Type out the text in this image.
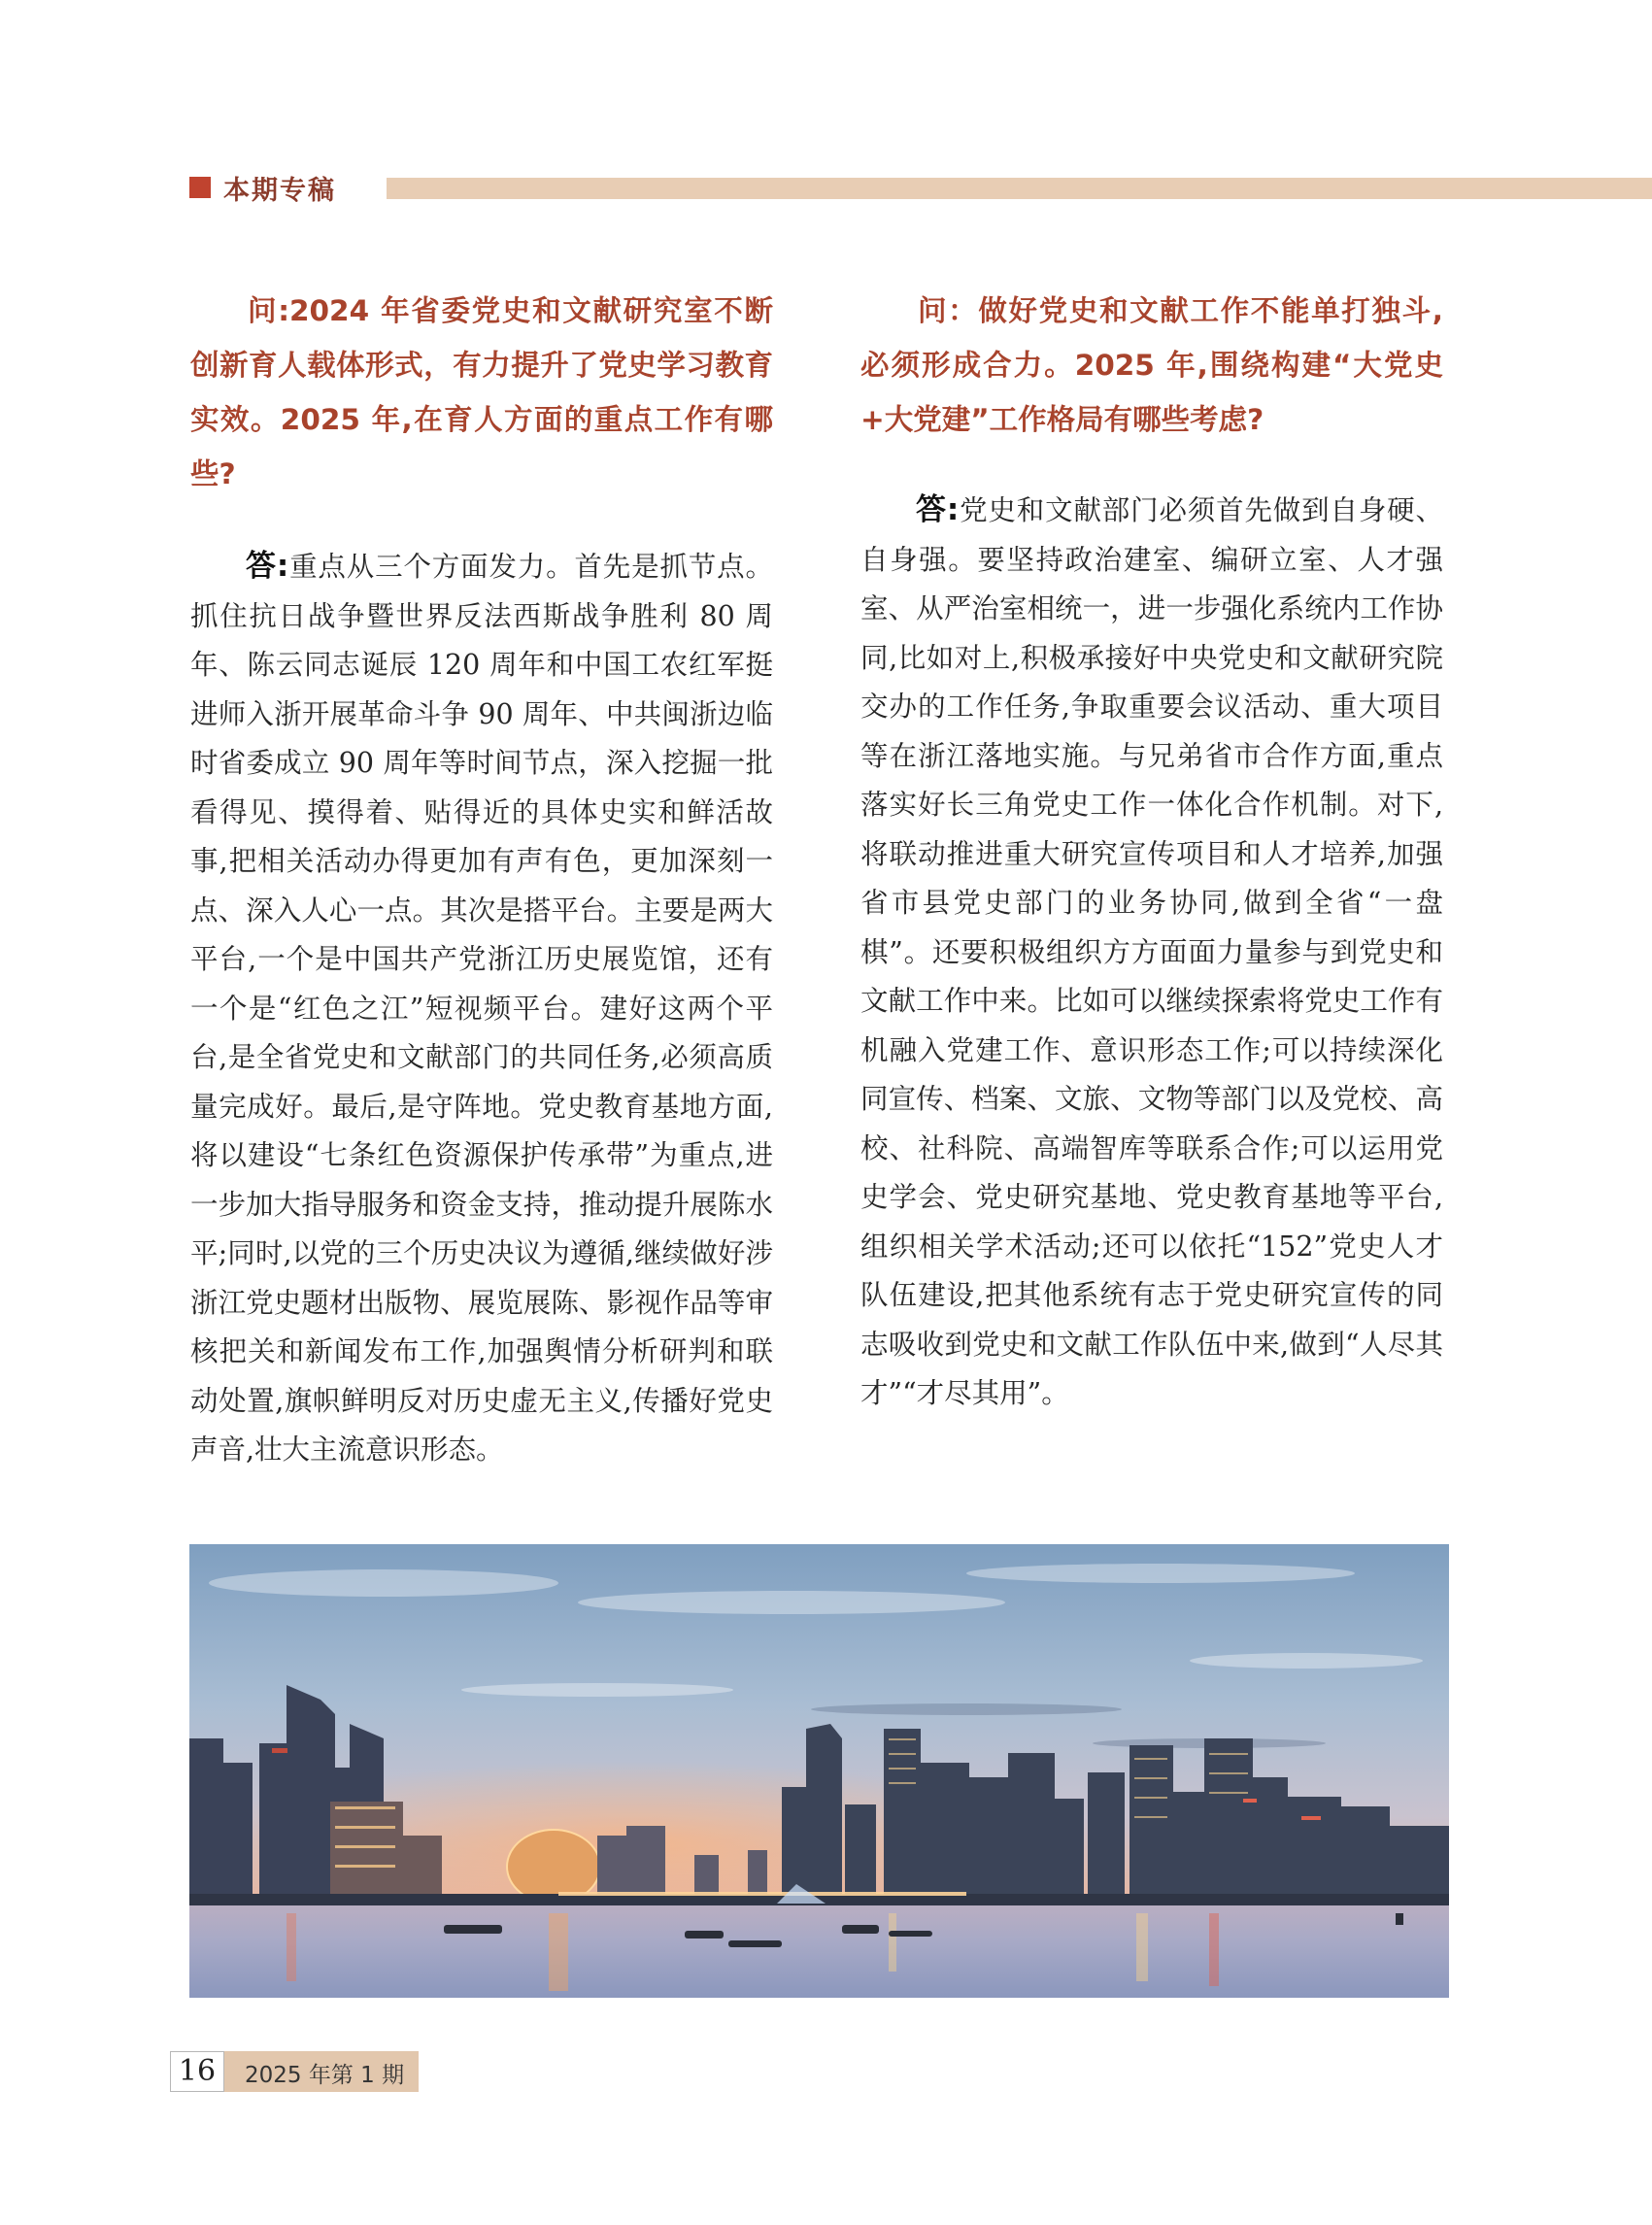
本期专稿

问:2024 年省委党史和文献研究室不断创新育人载体形式，有力提升了党史学习教育实效。2025 年,在育人方面的重点工作有哪些?

答:重点从三个方面发力。首先是抓节点。抓住抗日战争暨世界反法西斯战争胜利 80 周年、陈云同志诞辰 120 周年和中国工农红军挺进师入浙开展革命斗争 90 周年、中共闽浙边临时省委成立 90 周年等时间节点，深入挖掘一批看得见、摸得着、贴得近的具体史实和鲜活故事,把相关活动办得更加有声有色，更加深刻一点、深入人心一点。其次是搭平台。主要是两大平台,一个是中国共产党浙江历史展览馆，还有一个是“红色之江”短视频平台。建好这两个平台,是全省党史和文献部门的共同任务,必须高质量完成好。最后,是守阵地。党史教育基地方面,将以建设“七条红色资源保护传承带”为重点,进一步加大指导服务和资金支持，推动提升展陈水平;同时,以党的三个历史决议为遵循,继续做好涉浙江党史题材出版物、展览展陈、影视作品等审核把关和新闻发布工作,加强舆情分析研判和联动处置,旗帜鲜明反对历史虚无主义,传播好党史声音,壮大主流意识形态。

问：做好党史和文献工作不能单打独斗,必须形成合力。2025 年,围绕构建“大党史+大党建”工作格局有哪些考虑?

答:党史和文献部门必须首先做到自身硬、自身强。要坚持政治建室、编研立室、人才强室、从严治室相统一，进一步强化系统内工作协同,比如对上,积极承接好中央党史和文献研究院交办的工作任务,争取重要会议活动、重大项目等在浙江落地实施。与兄弟省市合作方面,重点落实好长三角党史工作一体化合作机制。对下,将联动推进重大研究宣传项目和人才培养,加强省市县党史部门的业务协同,做到全省“一盘棋”。还要积极组织方方面面力量参与到党史和文献工作中来。比如可以继续探索将党史工作有机融入党建工作、意识形态工作;可以持续深化同宣传、档案、文旅、文物等部门以及党校、高校、社科院、高端智库等联系合作;可以运用党史学会、党史研究基地、党史教育基地等平台,组织相关学术活动;还可以依托“152”党史人才队伍建设,把其他系统有志于党史研究宣传的同志吸收到党史和文献工作队伍中来,做到“人尽其才”“才尽其用”。

16	2025 年第 1 期
